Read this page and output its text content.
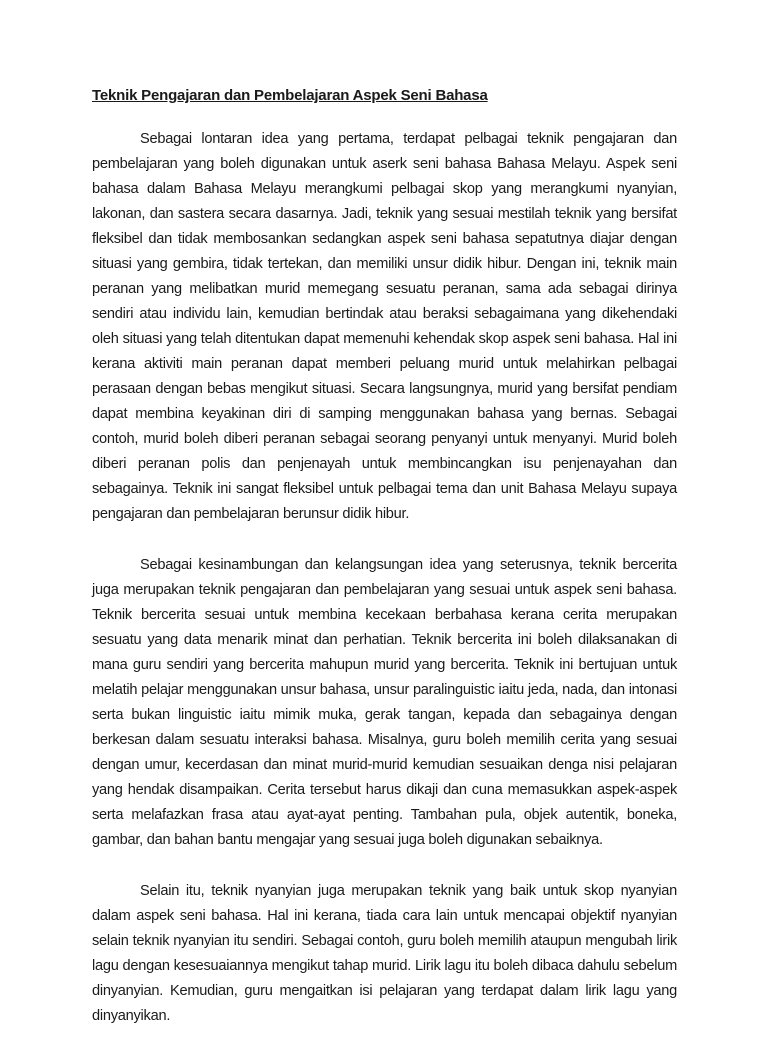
Teknik Pengajaran dan Pembelajaran Aspek Seni Bahasa
Sebagai lontaran idea yang pertama, terdapat pelbagai teknik pengajaran dan
pembelajaran yang boleh digunakan untuk aserk seni bahasa Bahasa Melayu. Aspek seni
bahasa dalam Bahasa Melayu merangkumi pelbagai skop yang merangkumi nyanyian,
lakonan, dan sastera secara dasarnya. Jadi, teknik yang sesuai mestilah teknik yang bersifat
fleksibel dan tidak membosankan sedangkan aspek seni bahasa sepatutnya diajar dengan
situasi yang gembira, tidak tertekan, dan memiliki unsur didik hibur. Dengan ini, teknik main
peranan yang melibatkan murid memegang sesuatu peranan, sama ada sebagai dirinya
sendiri atau individu lain, kemudian bertindak atau beraksi sebagaimana yang dikehendaki
oleh situasi yang telah ditentukan dapat memenuhi kehendak skop aspek seni bahasa. Hal ini
kerana aktiviti main peranan dapat memberi peluang murid untuk melahirkan pelbagai
perasaan dengan bebas mengikut situasi. Secara langsungnya, murid yang bersifat pendiam
dapat membina keyakinan diri di samping menggunakan bahasa yang bernas. Sebagai
contoh, murid boleh diberi peranan sebagai seorang penyanyi untuk menyanyi. Murid boleh
diberi peranan polis dan penjenayah untuk membincangkan isu penjenayahan dan
sebagainya. Teknik ini sangat fleksibel untuk pelbagai tema dan unit Bahasa Melayu supaya
pengajaran dan pembelajaran berunsur didik hibur.
Sebagai kesinambungan dan kelangsungan idea yang seterusnya, teknik bercerita
juga merupakan teknik pengajaran dan pembelajaran yang sesuai untuk aspek seni bahasa.
Teknik bercerita sesuai untuk membina kecekaan berbahasa kerana cerita merupakan
sesuatu yang data menarik minat dan perhatian. Teknik bercerita ini boleh dilaksanakan di
mana guru sendiri yang bercerita mahupun murid yang bercerita. Teknik ini bertujuan untuk
melatih pelajar menggunakan unsur bahasa, unsur paralinguistic iaitu jeda, nada, dan intonasi
serta bukan linguistic iaitu mimik muka, gerak tangan, kepada dan sebagainya dengan
berkesan dalam sesuatu interaksi bahasa. Misalnya, guru boleh memilih cerita yang sesuai
dengan umur, kecerdasan dan minat murid-murid kemudian sesuaikan denga nisi pelajaran
yang hendak disampaikan. Cerita tersebut harus dikaji dan cuna memasukkan aspek-aspek
serta melafazkan frasa atau ayat-ayat penting. Tambahan pula, objek autentik, boneka,
gambar, dan bahan bantu mengajar yang sesuai juga boleh digunakan sebaiknya.
Selain itu, teknik nyanyian juga merupakan teknik yang baik untuk skop nyanyian
dalam aspek seni bahasa. Hal ini kerana, tiada cara lain untuk mencapai objektif nyanyian
selain teknik nyanyian itu sendiri. Sebagai contoh, guru boleh memilih ataupun mengubah lirik
lagu dengan kesesuaiannya mengikut tahap murid. Lirik lagu itu boleh dibaca dahulu sebelum
dinyanyian. Kemudian, guru mengaitkan isi pelajaran yang terdapat dalam lirik lagu yang
dinyanyikan.
